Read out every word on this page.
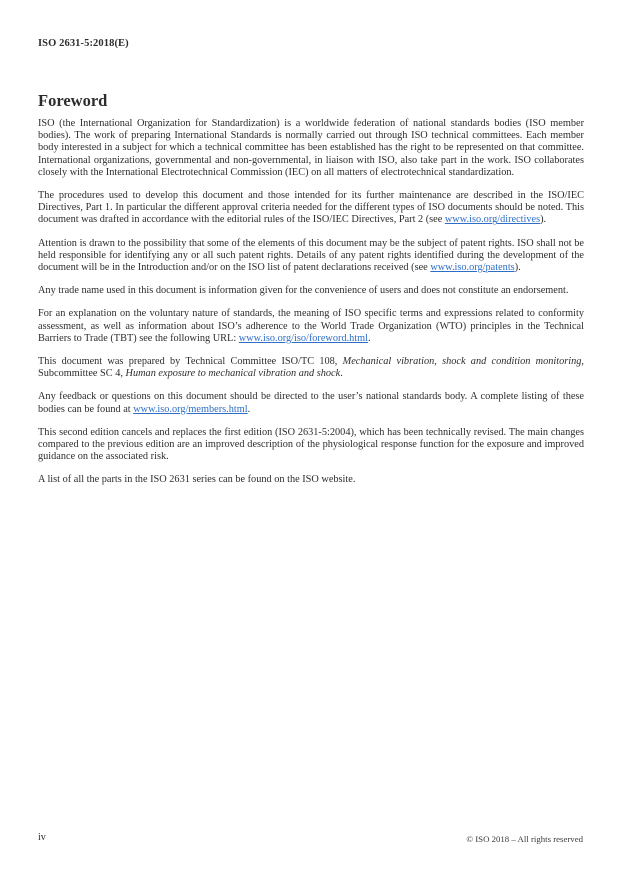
ISO 2631-5:2018(E)
Foreword

ISO (the International Organization for Standardization) is a worldwide federation of national standards bodies (ISO member bodies). The work of preparing International Standards is normally carried out through ISO technical committees. Each member body interested in a subject for which a technical committee has been established has the right to be represented on that committee. International organizations, governmental and non-governmental, in liaison with ISO, also take part in the work. ISO collaborates closely with the International Electrotechnical Commission (IEC) on all matters of electrotechnical standardization.

The procedures used to develop this document and those intended for its further maintenance are described in the ISO/IEC Directives, Part 1. In particular the different approval criteria needed for the different types of ISO documents should be noted. This document was drafted in accordance with the editorial rules of the ISO/IEC Directives, Part 2 (see www.iso.org/directives).

Attention is drawn to the possibility that some of the elements of this document may be the subject of patent rights. ISO shall not be held responsible for identifying any or all such patent rights. Details of any patent rights identified during the development of the document will be in the Introduction and/or on the ISO list of patent declarations received (see www.iso.org/patents).

Any trade name used in this document is information given for the convenience of users and does not constitute an endorsement.

For an explanation on the voluntary nature of standards, the meaning of ISO specific terms and expressions related to conformity assessment, as well as information about ISO’s adherence to the World Trade Organization (WTO) principles in the Technical Barriers to Trade (TBT) see the following URL: www.iso.org/iso/foreword.html.

This document was prepared by Technical Committee ISO/TC 108, Mechanical vibration, shock and condition monitoring, Subcommittee SC 4, Human exposure to mechanical vibration and shock.

Any feedback or questions on this document should be directed to the user’s national standards body. A complete listing of these bodies can be found at www.iso.org/members.html.

This second edition cancels and replaces the first edition (ISO 2631-5:2004), which has been technically revised. The main changes compared to the previous edition are an improved description of the physiological response function for the exposure and improved guidance on the associated risk.

A list of all the parts in the ISO 2631 series can be found on the ISO website.

iv	© ISO 2018 – All rights reserved
